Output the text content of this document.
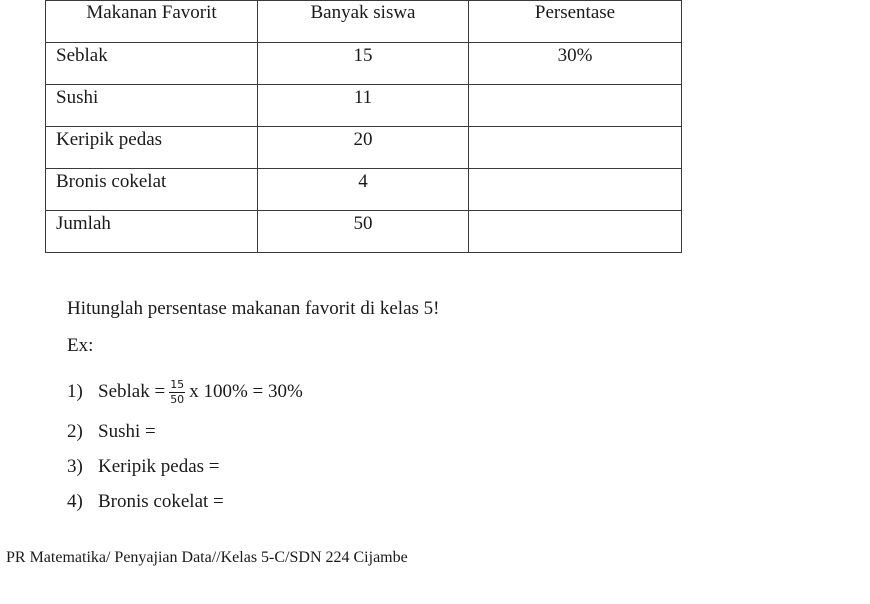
Makanan Favorit	Banyak siswa	Persentase
Seblak	15	30%
Sushi	11	
Keripik pedas	20	
Bronis cokelat	4	
Jumlah	50	
Hitunglah persentase makanan favorit di kelas 5!
Ex:
1) Seblak = $\frac{15}{50}$ x 100% = 30%
2) Sushi =
3) Keripik pedas =
4) Bronis cokelat =
PR Matematika/ Penyajian Data//Kelas 5-C/SDN 224 Cijambe
